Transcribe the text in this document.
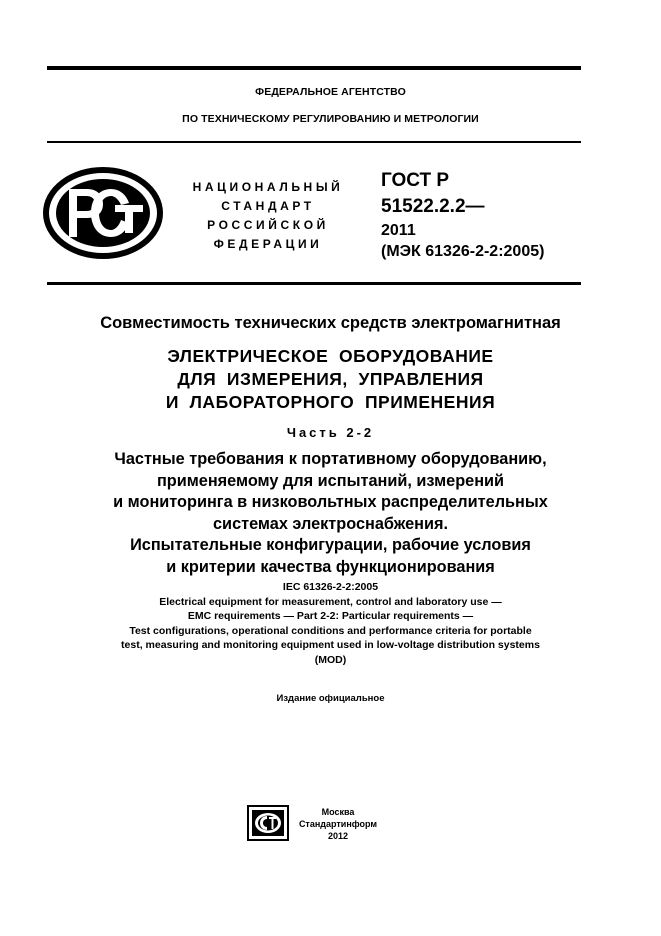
ФЕДЕРАЛЬНОЕ АГЕНТСТВО
ПО ТЕХНИЧЕСКОМУ РЕГУЛИРОВАНИЮ И МЕТРОЛОГИИ
НАЦИОНАЛЬНЫЙ
СТАНДАРТ
РОССИЙСКОЙ
ФЕДЕРАЦИИ
ГОСТ Р
51522.2.2—
2011
(МЭК 61326-2-2:2005)
Совместимость технических средств электромагнитная
ЭЛЕКТРИЧЕСКОЕ  ОБОРУДОВАНИЕ
ДЛЯ  ИЗМЕРЕНИЯ,  УПРАВЛЕНИЯ
И  ЛАБОРАТОРНОГО  ПРИМЕНЕНИЯ
Часть 2-2
Частные требования к портативному оборудованию,
применяемому для испытаний, измерений
и мониторинга в низковольтных распределительных
системах электроснабжения.
Испытательные конфигурации, рабочие условия
и критерии качества функционирования
IEC 61326-2-2:2005
Electrical equipment for measurement, control and laboratory use —
EMC requirements — Part 2-2: Particular requirements —
Test configurations, operational conditions and performance criteria for portable
test, measuring and monitoring equipment used in low-voltage distribution systems
(MOD)
Издание официальное
Москва
Стандартинформ
2012
